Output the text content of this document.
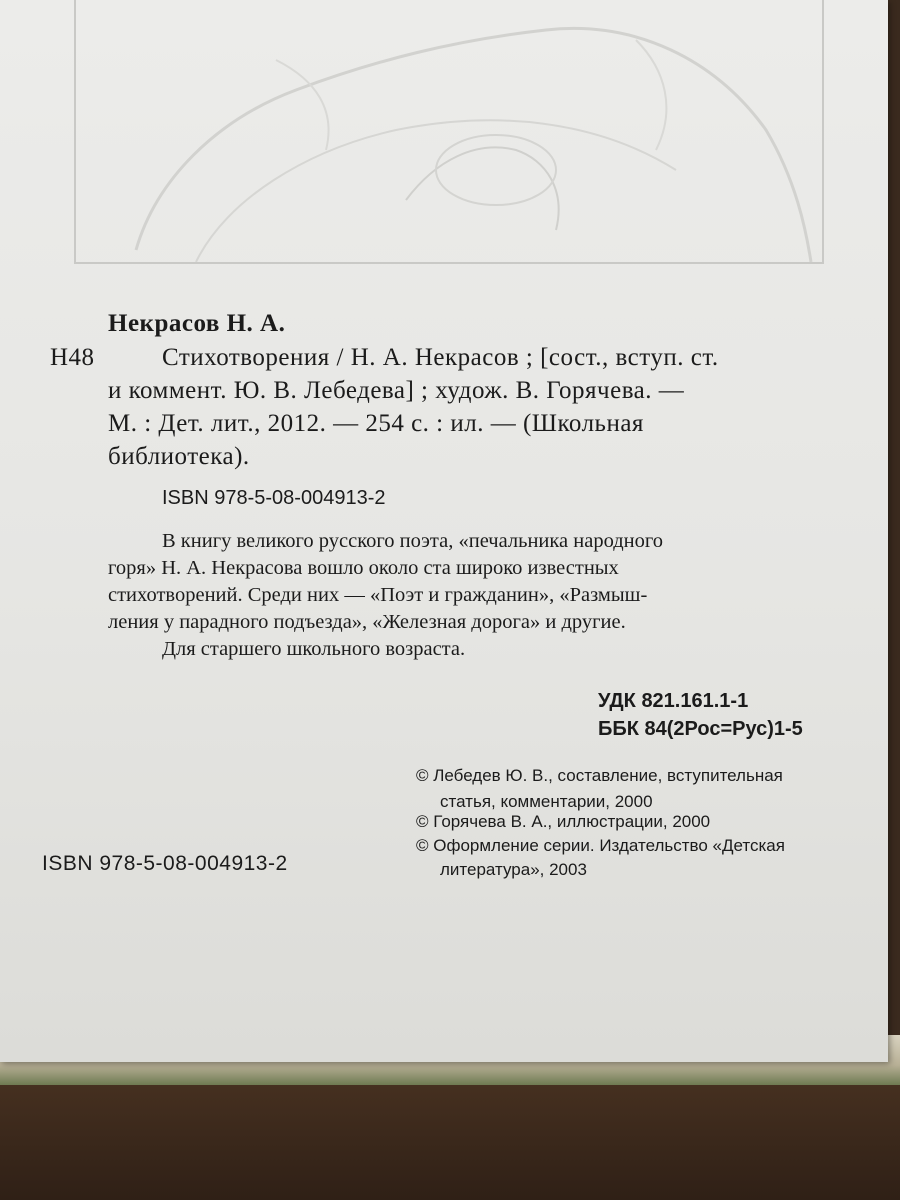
Некрасов Н. А.
Н48	Стихотворения / Н. А. Некрасов ; [сост., вступ. ст.
и коммент. Ю. В. Лебедева] ; худож. В. Горячева. —
М. : Дет. лит., 2012. — 254 с. : ил. — (Школьная
библиотека).
ISBN 978-5-08-004913-2
В книгу великого русского поэта, «печальника народного
горя» Н. А. Некрасова вошло около ста широко известных
стихотворений. Среди них — «Поэт и гражданин», «Размыш-
ления у парадного подъезда», «Железная дорога» и другие.
Для старшего школьного возраста.
УДК 821.161.1-1
ББК 84(2Рос=Рус)1-5
© Лебедев Ю. В., составление, вступительная
статья, комментарии, 2000
© Горячева В. А., иллюстрации, 2000
© Оформление серии. Издательство «Детская
литература», 2003
ISBN 978-5-08-004913-2
